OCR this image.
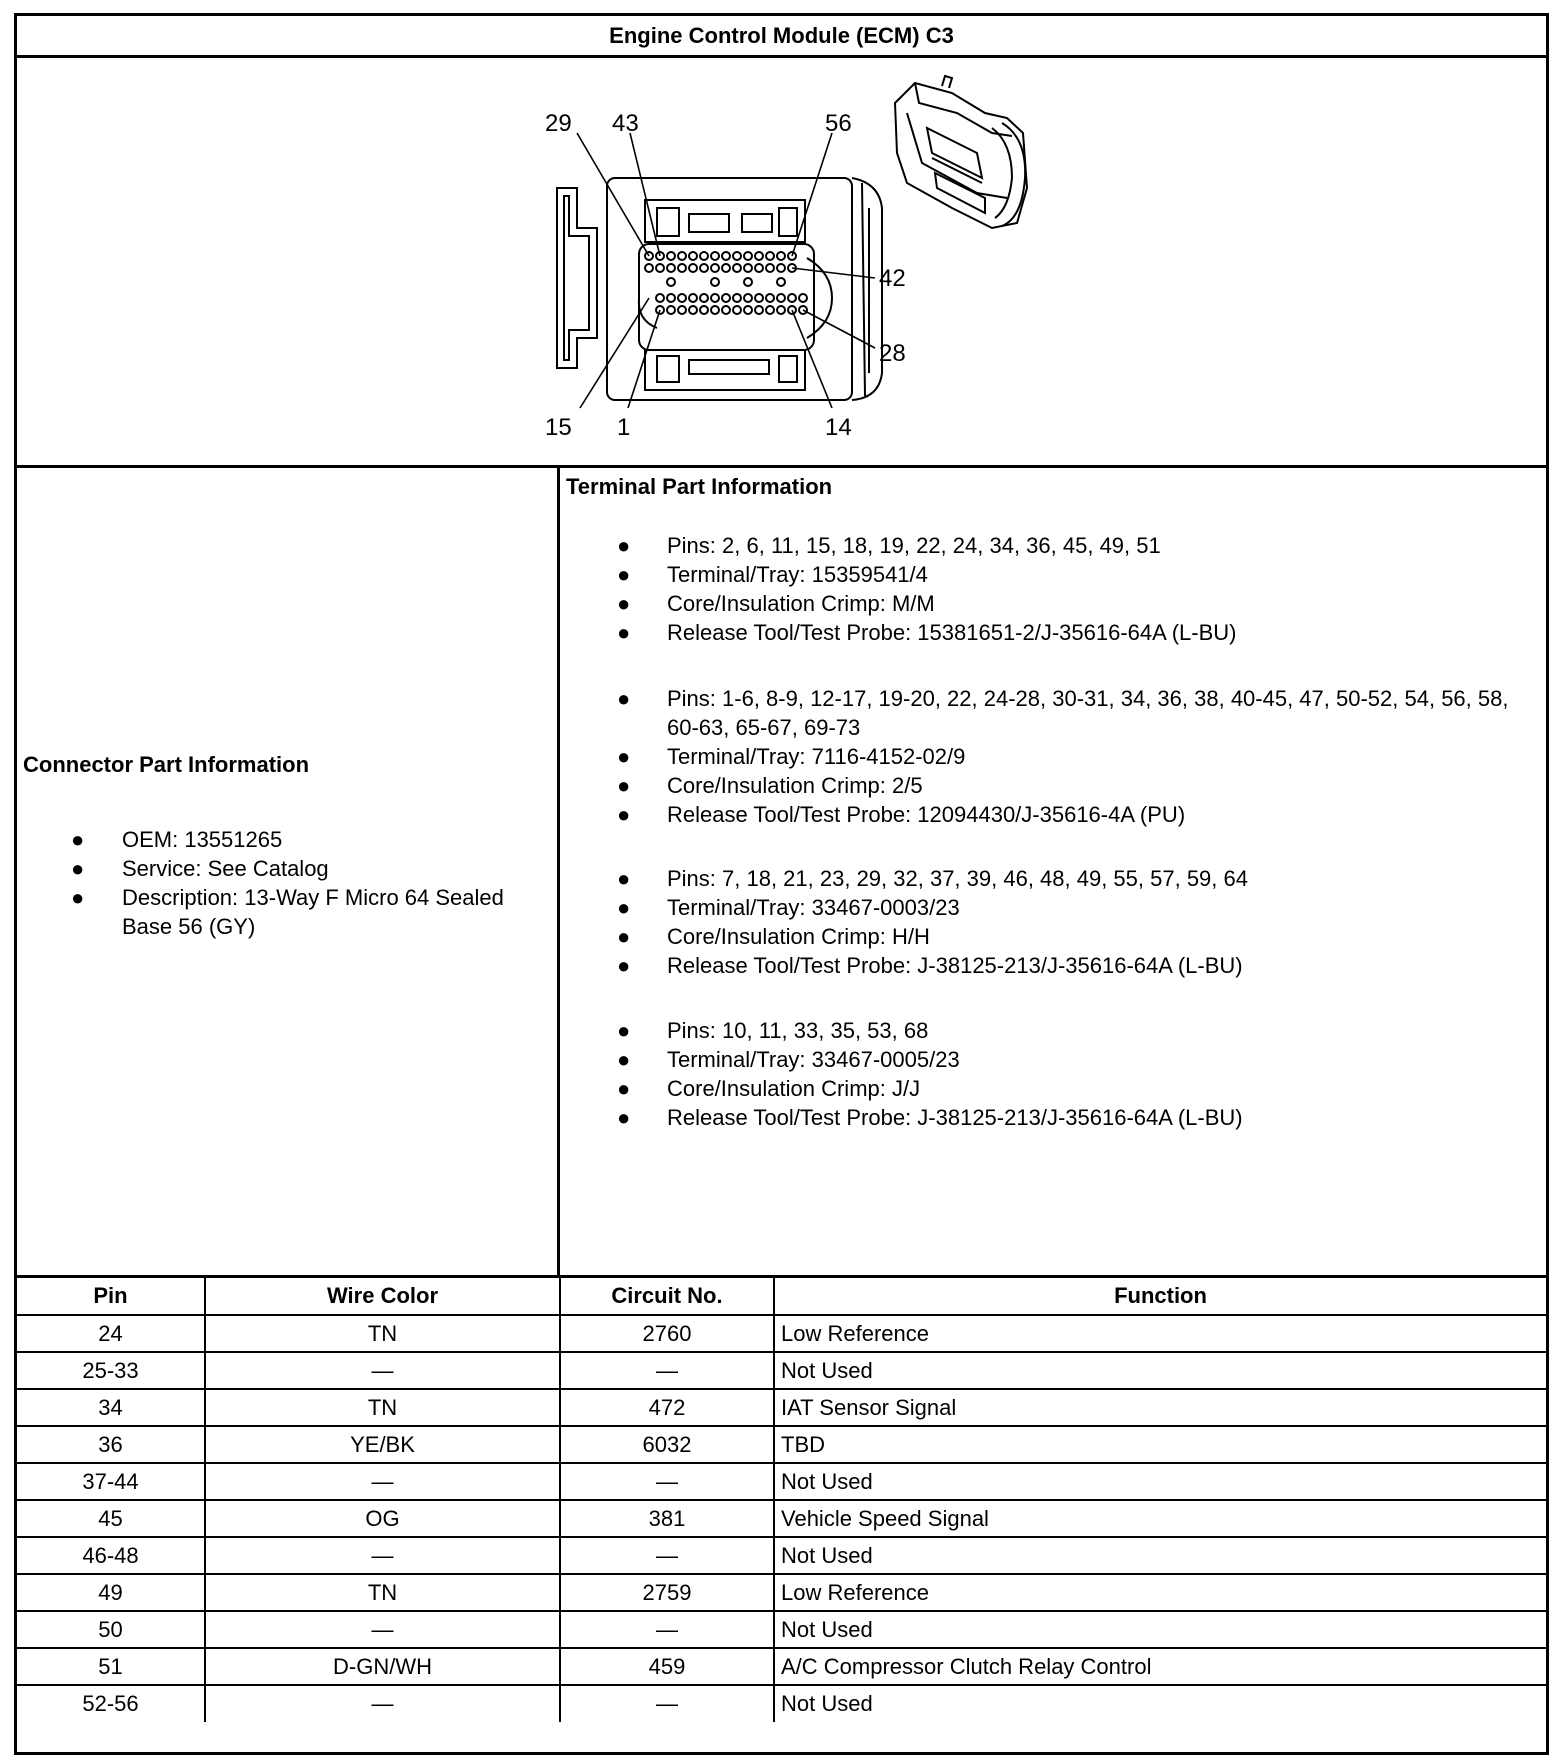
Engine Control Module (ECM) C3
29 43	56
42
28
15 1	14
Connector Part Information
● OEM: 13551265
● Service: See Catalog
● Description: 13-Way F Micro 64 Sealed Base 56 (GY)
Terminal Part Information
● Pins: 2, 6, 11, 15, 18, 19, 22, 24, 34, 36, 45, 49, 51
● Terminal/Tray: 15359541/4
● Core/Insulation Crimp: M/M
● Release Tool/Test Probe: 15381651-2/J-35616-64A (L-BU)
● Pins: 1-6, 8-9, 12-17, 19-20, 22, 24-28, 30-31, 34, 36, 38, 40-45, 47, 50-52, 54, 56, 58, 60-63, 65-67, 69-73
● Terminal/Tray: 7116-4152-02/9
● Core/Insulation Crimp: 2/5
● Release Tool/Test Probe: 12094430/J-35616-4A (PU)
● Pins: 7, 18, 21, 23, 29, 32, 37, 39, 46, 48, 49, 55, 57, 59, 64
● Terminal/Tray: 33467-0003/23
● Core/Insulation Crimp: H/H
● Release Tool/Test Probe: J-38125-213/J-35616-64A (L-BU)
● Pins: 10, 11, 33, 35, 53, 68
● Terminal/Tray: 33467-0005/23
● Core/Insulation Crimp: J/J
● Release Tool/Test Probe: J-38125-213/J-35616-64A (L-BU)
Pin	Wire Color	Circuit No.	Function
24	TN	2760	Low Reference
25-33	—	—	Not Used
34	TN	472	IAT Sensor Signal
36	YE/BK	6032	TBD
37-44	—	—	Not Used
45	OG	381	Vehicle Speed Signal
46-48	—	—	Not Used
49	TN	2759	Low Reference
50	—	—	Not Used
51	D-GN/WH	459	A/C Compressor Clutch Relay Control
52-56	—	—	Not Used
